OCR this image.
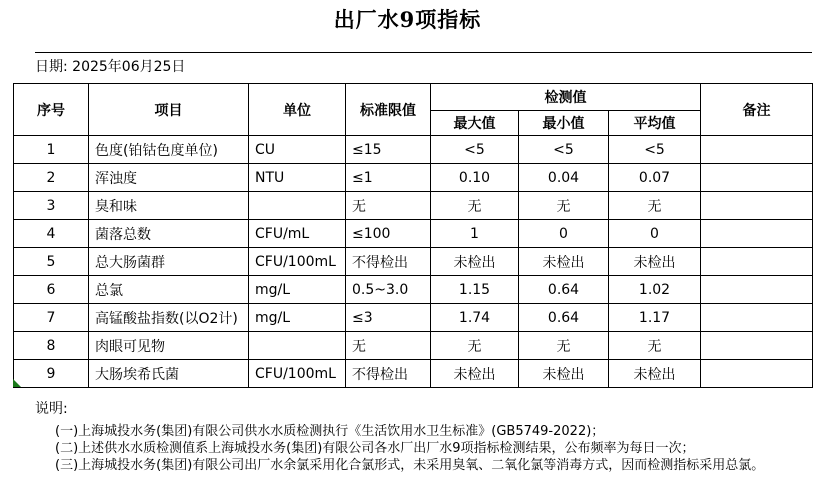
出厂水9项指标
日期: 2025年06月25日
序号	项目	单位	标准限值	检测值			备注
				最大值	最小值	平均值	
1	色度(铂钴色度单位)	CU	≤15	<5	<5	<5	
2	浑浊度	NTU	≤1	0.10	0.04	0.07	
3	臭和味		无	无	无	无	
4	菌落总数	CFU/mL	≤100	1	0	0	
5	总大肠菌群	CFU/100mL	不得检出	未检出	未检出	未检出	
6	总氯	mg/L	0.5~3.0	1.15	0.64	1.02	
7	高锰酸盐指数(以O2计)	mg/L	≤3	1.74	0.64	1.17	
8	肉眼可见物		无	无	无	无	
9	大肠埃希氏菌	CFU/100mL	不得检出	未检出	未检出	未检出	
说明:
(一)上海城投水务(集团)有限公司供水水质检测执行《生活饮用水卫生标准》(GB5749-2022)；
(二)上述供水水质检测值系上海城投水务(集团)有限公司各水厂出厂水9项指标检测结果，公布频率为每日一次；
(三)上海城投水务(集团)有限公司出厂水余氯采用化合氯形式，未采用臭氧、二氧化氯等消毒方式，因而检测指标采用总氯。
